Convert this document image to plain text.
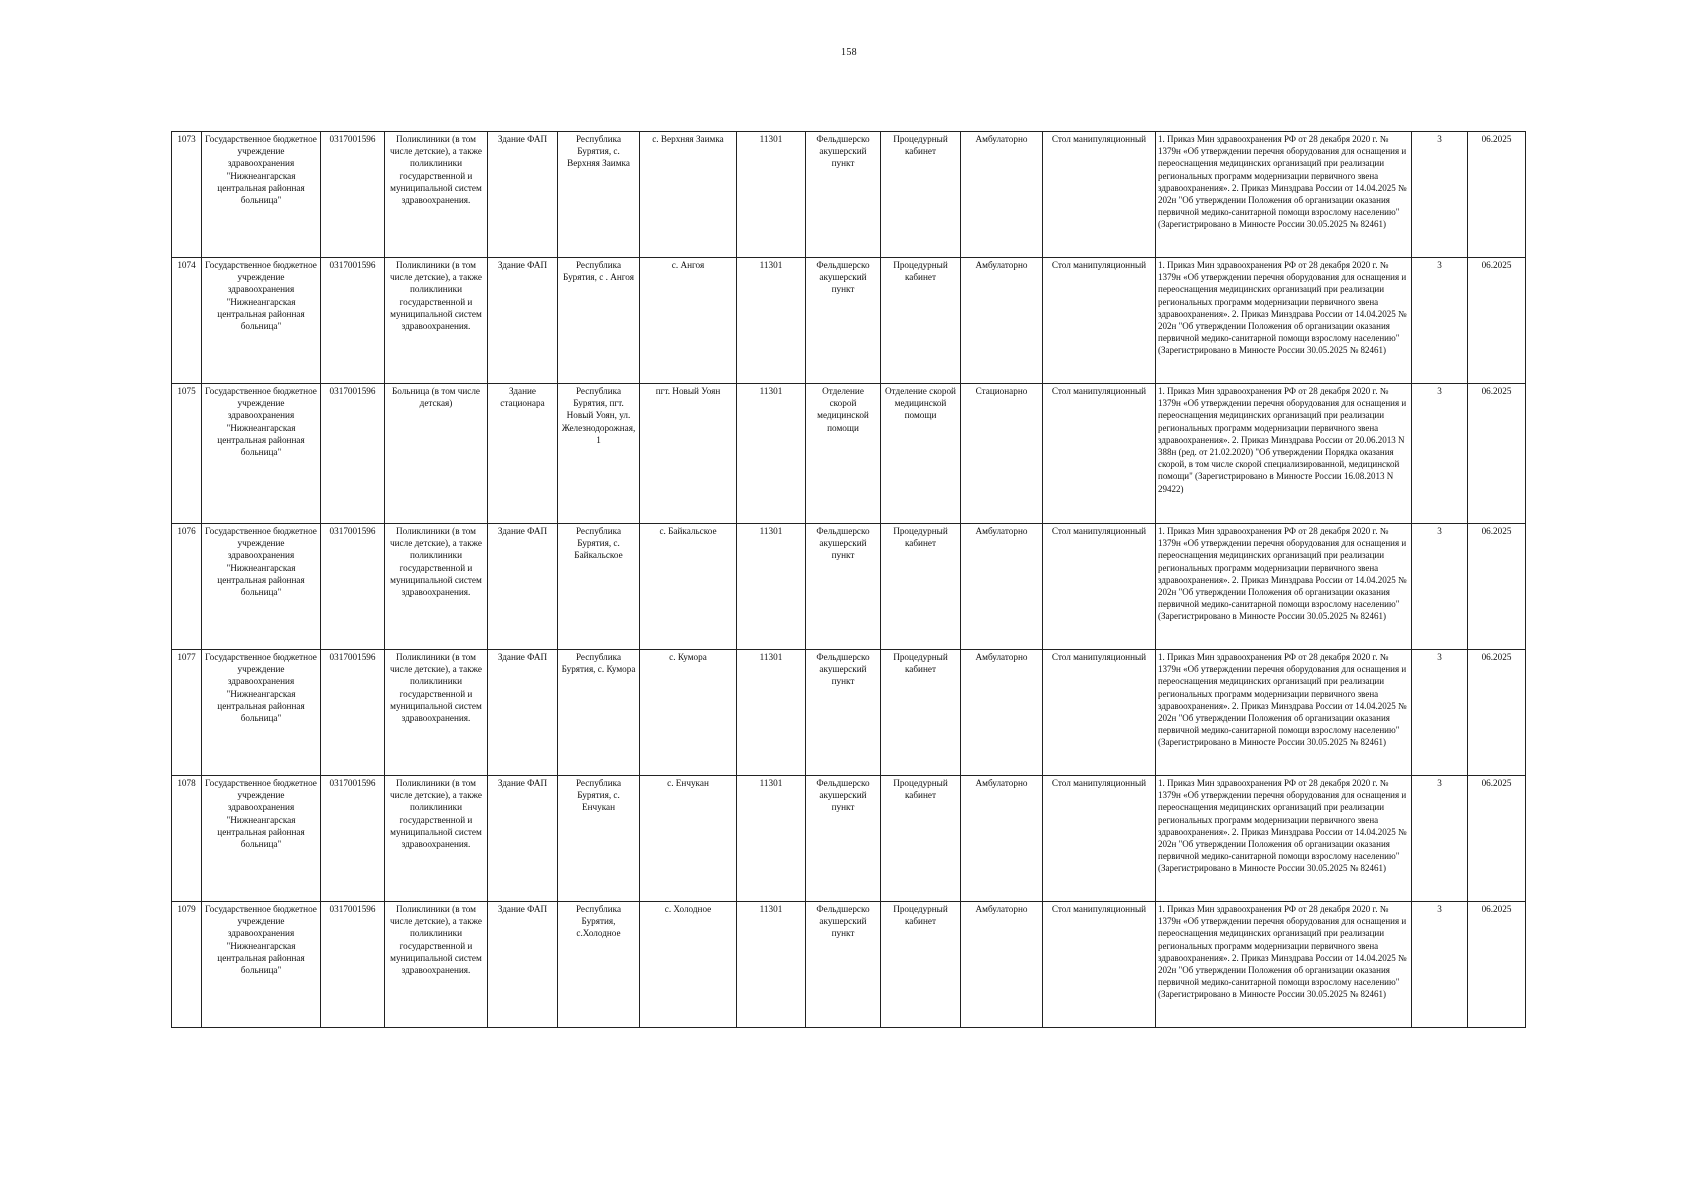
158
1073	Государственное бюджетное учреждение здравоохранения "Нижнеангарская центральная районная больница"	0317001596	Поликлиники (в том числе детские), а также поликлиники государственной и муниципальной систем здравоохранения.	Здание ФАП	Республика Бурятия, с. Верхняя Заимка	с. Верхняя Заимка	11301	Фельдшерско акушерский пункт	Процедурный кабинет	Амбулаторно	Стол манипуляционный	1. Приказ Мин здравоохранения РФ от 28 декабря 2020 г. № 1379н «Об утверждении перечня оборудования для оснащения и переоснащения медицинских организаций при реализации региональных программ модернизации первичного звена здравоохранения». 2. Приказ Минздрава России от 14.04.2025 № 202н "Об утверждении Положения об организации оказания первичной медико-санитарной помощи взрослому населению" (Зарегистрировано в Минюсте России 30.05.2025 № 82461)	3	06.2025
1074	Государственное бюджетное учреждение здравоохранения "Нижнеангарская центральная районная больница"	0317001596	Поликлиники (в том числе детские), а также поликлиники государственной и муниципальной систем здравоохранения.	Здание ФАП	Республика Бурятия, с . Ангоя	с. Ангоя	11301	Фельдшерско акушерский пункт	Процедурный кабинет	Амбулаторно	Стол манипуляционный	1. Приказ Мин здравоохранения РФ от 28 декабря 2020 г. № 1379н «Об утверждении перечня оборудования для оснащения и переоснащения медицинских организаций при реализации региональных программ модернизации первичного звена здравоохранения». 2. Приказ Минздрава России от 14.04.2025 № 202н "Об утверждении Положения об организации оказания первичной медико-санитарной помощи взрослому населению" (Зарегистрировано в Минюсте России 30.05.2025 № 82461)	3	06.2025
1075	Государственное бюджетное учреждение здравоохранения "Нижнеангарская центральная районная больница"	0317001596	Больница (в том числе детская)	Здание стационара	Республика Бурятия, пгт. Новый Уоян, ул. Железнодорожная, 1	пгт. Новый Уоян	11301	Отделение скорой медицинской помощи	Отделение скорой медицинской помощи	Стационарно	Стол манипуляционный	1. Приказ Мин здравоохранения РФ от 28 декабря 2020 г. № 1379н «Об утверждении перечня оборудования для оснащения и переоснащения медицинских организаций при реализации региональных программ модернизации первичного звена здравоохранения». 2. Приказ Минздрава России от 20.06.2013 N 388н (ред. от 21.02.2020) "Об утверждении Порядка оказания скорой, в том числе скорой специализированной, медицинской помощи" (Зарегистрировано в Минюсте России 16.08.2013 N 29422)	3	06.2025
1076	Государственное бюджетное учреждение здравоохранения "Нижнеангарская центральная районная больница"	0317001596	Поликлиники (в том числе детские), а также поликлиники государственной и муниципальной систем здравоохранения.	Здание ФАП	Республика Бурятия, с. Байкальское	с. Байкальское	11301	Фельдшерско акушерский пункт	Процедурный кабинет	Амбулаторно	Стол манипуляционный	1. Приказ Мин здравоохранения РФ от 28 декабря 2020 г. № 1379н «Об утверждении перечня оборудования для оснащения и переоснащения медицинских организаций при реализации региональных программ модернизации первичного звена здравоохранения». 2. Приказ Минздрава России от 14.04.2025 № 202н "Об утверждении Положения об организации оказания первичной медико-санитарной помощи взрослому населению" (Зарегистрировано в Минюсте России 30.05.2025 № 82461)	3	06.2025
1077	Государственное бюджетное учреждение здравоохранения "Нижнеангарская центральная районная больница"	0317001596	Поликлиники (в том числе детские), а также поликлиники государственной и муниципальной систем здравоохранения.	Здание ФАП	Республика Бурятия, с. Кумора	с. Кумора	11301	Фельдшерско акушерский пункт	Процедурный кабинет	Амбулаторно	Стол манипуляционный	1. Приказ Мин здравоохранения РФ от 28 декабря 2020 г. № 1379н «Об утверждении перечня оборудования для оснащения и переоснащения медицинских организаций при реализации региональных программ модернизации первичного звена здравоохранения». 2. Приказ Минздрава России от 14.04.2025 № 202н "Об утверждении Положения об организации оказания первичной медико-санитарной помощи взрослому населению" (Зарегистрировано в Минюсте России 30.05.2025 № 82461)	3	06.2025
1078	Государственное бюджетное учреждение здравоохранения "Нижнеангарская центральная районная больница"	0317001596	Поликлиники (в том числе детские), а также поликлиники государственной и муниципальной систем здравоохранения.	Здание ФАП	Республика Бурятия, с. Енчукан	с. Енчукан	11301	Фельдшерско акушерский пункт	Процедурный кабинет	Амбулаторно	Стол манипуляционный	1. Приказ Мин здравоохранения РФ от 28 декабря 2020 г. № 1379н «Об утверждении перечня оборудования для оснащения и переоснащения медицинских организаций при реализации региональных программ модернизации первичного звена здравоохранения». 2. Приказ Минздрава России от 14.04.2025 № 202н "Об утверждении Положения об организации оказания первичной медико-санитарной помощи взрослому населению" (Зарегистрировано в Минюсте России 30.05.2025 № 82461)	3	06.2025
1079	Государственное бюджетное учреждение здравоохранения "Нижнеангарская центральная районная больница"	0317001596	Поликлиники (в том числе детские), а также поликлиники государственной и муниципальной систем здравоохранения.	Здание ФАП	Республика Бурятия, с.Холодное	с. Холодное	11301	Фельдшерско акушерский пункт	Процедурный кабинет	Амбулаторно	Стол манипуляционный	1. Приказ Мин здравоохранения РФ от 28 декабря 2020 г. № 1379н «Об утверждении перечня оборудования для оснащения и переоснащения медицинских организаций при реализации региональных программ модернизации первичного звена здравоохранения». 2. Приказ Минздрава России от 14.04.2025 № 202н "Об утверждении Положения об организации оказания первичной медико-санитарной помощи взрослому населению" (Зарегистрировано в Минюсте России 30.05.2025 № 82461)	3	06.2025
